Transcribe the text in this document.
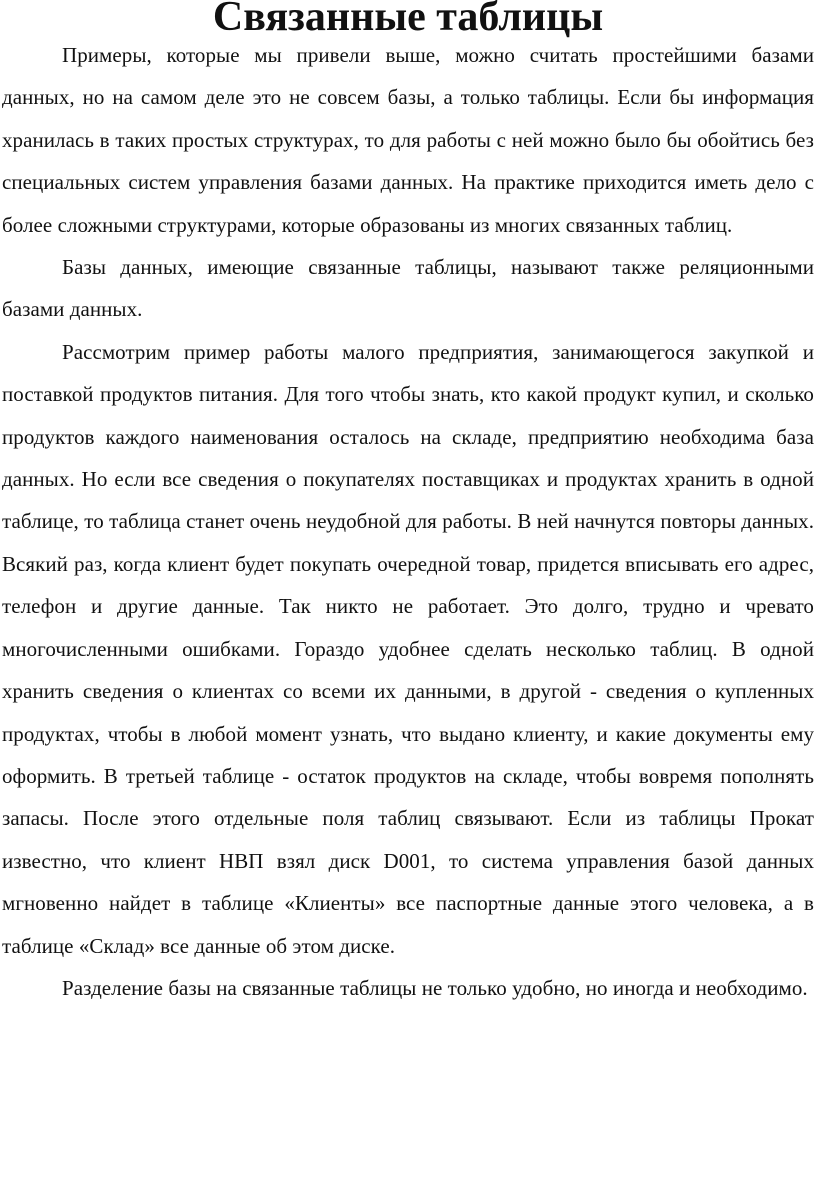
Связанные таблицы

Примеры, которые мы привели выше, можно считать простейшими базами данных, но на самом деле это не совсем базы, а только таблицы. Если бы информация хранилась в таких простых структурах, то для работы с ней можно было бы обойтись без специальных систем управления базами данных. На практике приходится иметь дело с более сложными структурами, которые образованы из многих связанных таблиц.

Базы данных, имеющие связанные таблицы, называют также реляционными базами данных.

Рассмотрим пример работы малого предприятия, занимающегося закупкой и поставкой продуктов питания. Для того чтобы знать, кто какой продукт купил, и сколько продуктов каждого наименования осталось на складе, предприятию необходима база данных. Но если все сведения о покупателях поставщиках и продуктах хранить в одной таблице, то таблица станет очень неудобной для работы. В ней начнутся повторы данных. Всякий раз, когда клиент будет покупать очередной товар, придется вписывать его адрес, телефон и другие данные. Так никто не работает. Это долго, трудно и чревато многочисленными ошибками. Гораздо удобнее сделать несколько таблиц. В одной хранить сведения о клиентах со всеми их данными, в другой - сведения о купленных продуктах, чтобы в любой момент узнать, что выдано клиенту, и какие документы ему оформить. В третьей таблице - остаток продуктов на складе, чтобы вовремя пополнять запасы. После этого отдельные поля таблиц связывают. Если из таблицы Прокат известно, что клиент НВП взял диск D001, то система управления базой данных мгновенно найдет в таблице «Клиенты» все паспортные данные этого человека, а в таблице «Склад» все данные об этом диске.

Разделение базы на связанные таблицы не только удобно, но иногда и необходимо.
